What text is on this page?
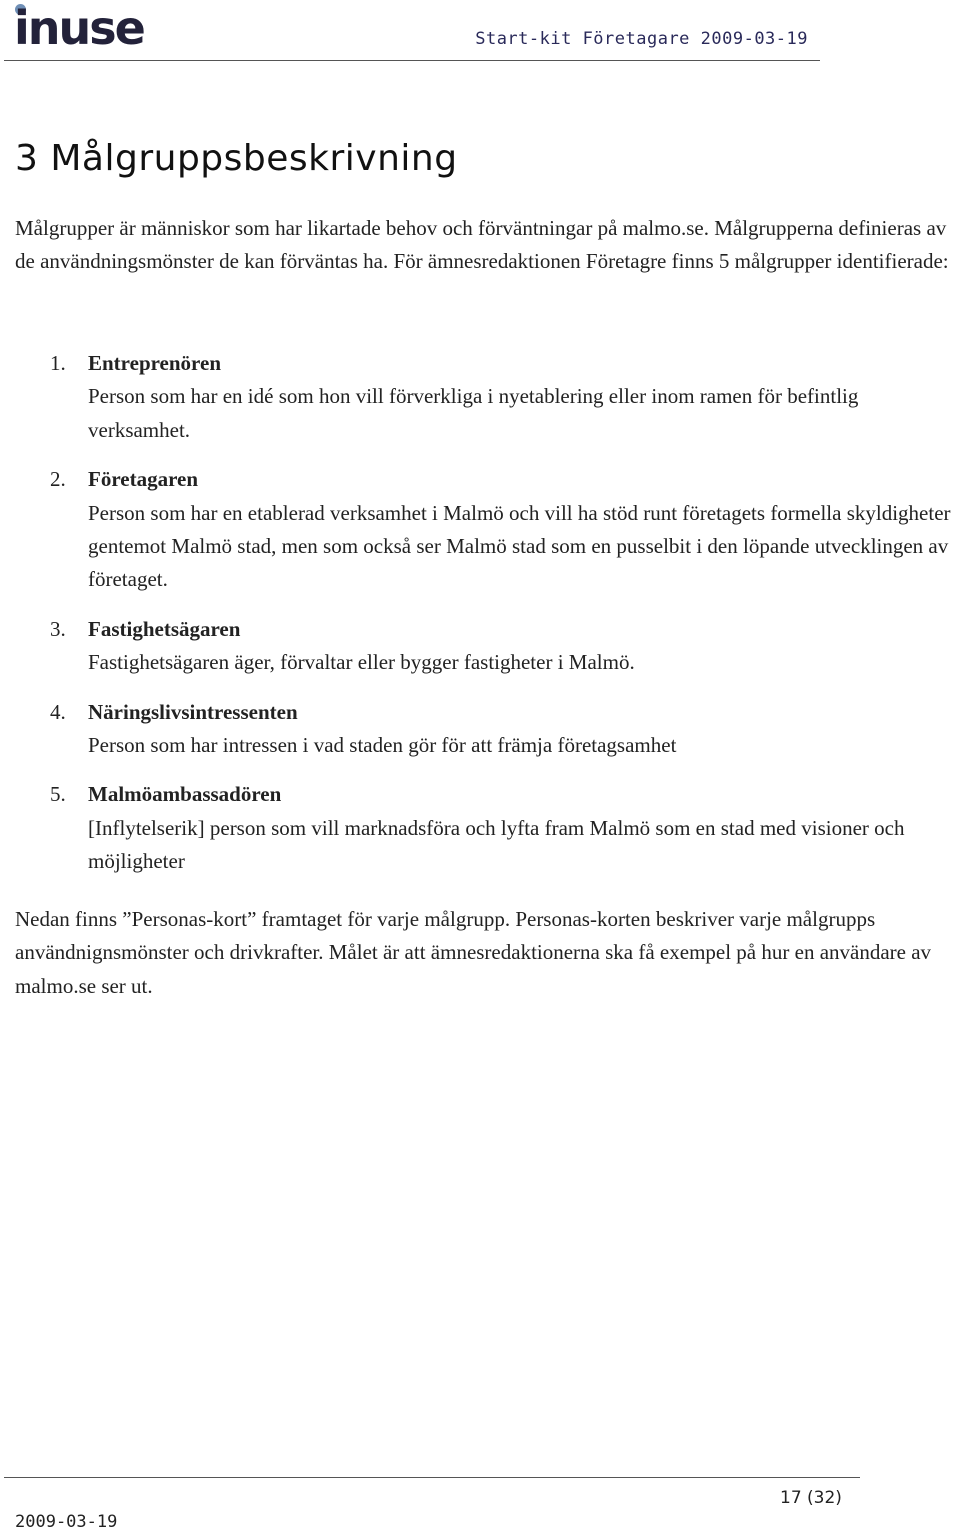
inuse	Start-kit Företagare 2009-03-19
3 Målgruppsbeskrivning

Målgrupper är människor som har likartade behov och förväntningar på malmo.se. Målgrupperna definieras av de användningsmönster de kan förväntas ha. För ämnesredaktionen Företagre finns 5 målgrupper identifierade:

1. Entreprenören
Person som har en idé som hon vill förverkliga i nyetablering eller inom ramen för befintlig verksamhet.
2. Företagaren
Person som har en etablerad verksamhet i Malmö och vill ha stöd runt företagets formella skyldigheter gentemot Malmö stad, men som också ser Malmö stad som en pusselbit i den löpande utvecklingen av företaget.
3. Fastighetsägaren
Fastighetsägaren äger, förvaltar eller bygger fastigheter i Malmö.
4. Näringslivsintressenten
Person som har intressen i vad staden gör för att främja företagsamhet
5. Malmöambassadören
[Inflytelserik] person som vill marknadsföra och lyfta fram Malmö som en stad med visioner och möjligheter

Nedan finns ”Personas-kort” framtaget för varje målgrupp. Personas-korten beskriver varje målgrupps användnignsmönster och drivkrafter. Målet är att ämnesredaktionerna ska få exempel på hur en användare av malmo.se ser ut.

17 (32)
2009-03-19
